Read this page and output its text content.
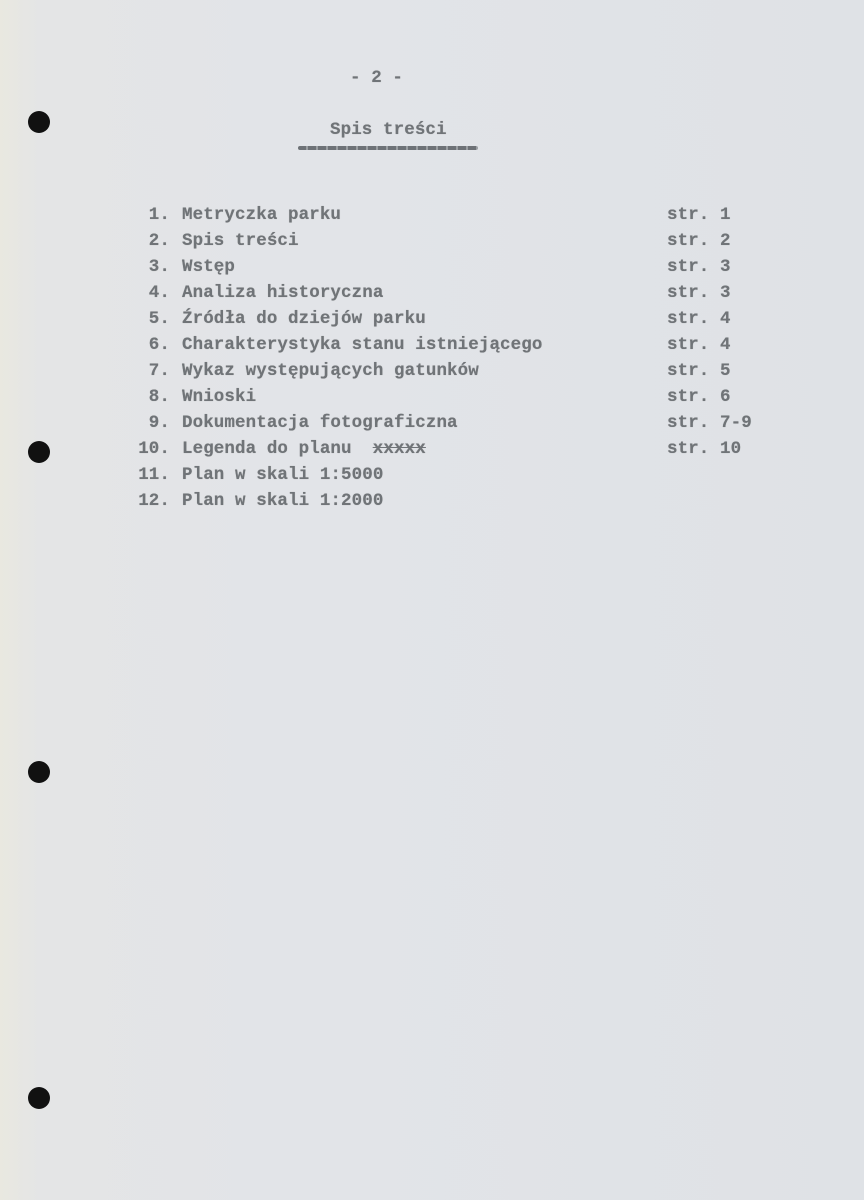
- 2 -
Spis treści
1. Metryczka parku	str. 1
2. Spis treści	str. 2
3. Wstęp	str. 3
4. Analiza historyczna	str. 3
5. Źródła do dziejów parku	str. 4
6. Charakterystyka stanu istniejącego	str. 4
7. Wykaz występujących gatunków	str. 5
8. Wnioski	str. 6
9. Dokumentacja fotograficzna	str. 7-9
10. Legenda do planu xxxxx	str. 10
11. Plan w skali 1:5000
12. Plan w skali 1:2000
